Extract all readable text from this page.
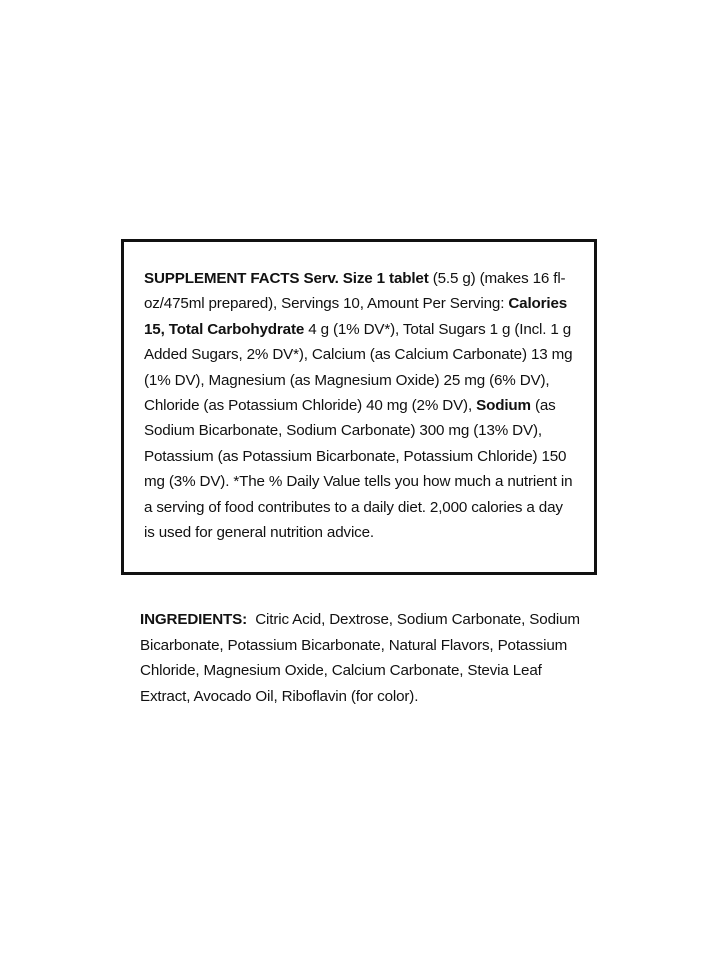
SUPPLEMENT FACTS Serv. Size 1 tablet (5.5 g) (makes 16 fl-oz/475ml prepared), Servings 10, Amount Per Serving: Calories 15, Total Carbohydrate 4 g (1% DV*), Total Sugars 1 g (Incl. 1 g Added Sugars, 2% DV*), Calcium (as Calcium Carbonate) 13 mg (1% DV), Magnesium (as Magnesium Oxide) 25 mg (6% DV), Chloride (as Potassium Chloride) 40 mg (2% DV), Sodium (as Sodium Bicarbonate, Sodium Carbonate) 300 mg (13% DV), Potassium (as Potassium Bicarbonate, Potassium Chloride) 150 mg (3% DV). *The % Daily Value tells you how much a nutrient in a serving of food contributes to a daily diet. 2,000 calories a day is used for general nutrition advice.

INGREDIENTS:  Citric Acid, Dextrose, Sodium Carbonate, Sodium Bicarbonate, Potassium Bicarbonate, Natural Flavors, Potassium Chloride, Magnesium Oxide, Calcium Carbonate, Stevia Leaf Extract, Avocado Oil, Riboflavin (for color).
